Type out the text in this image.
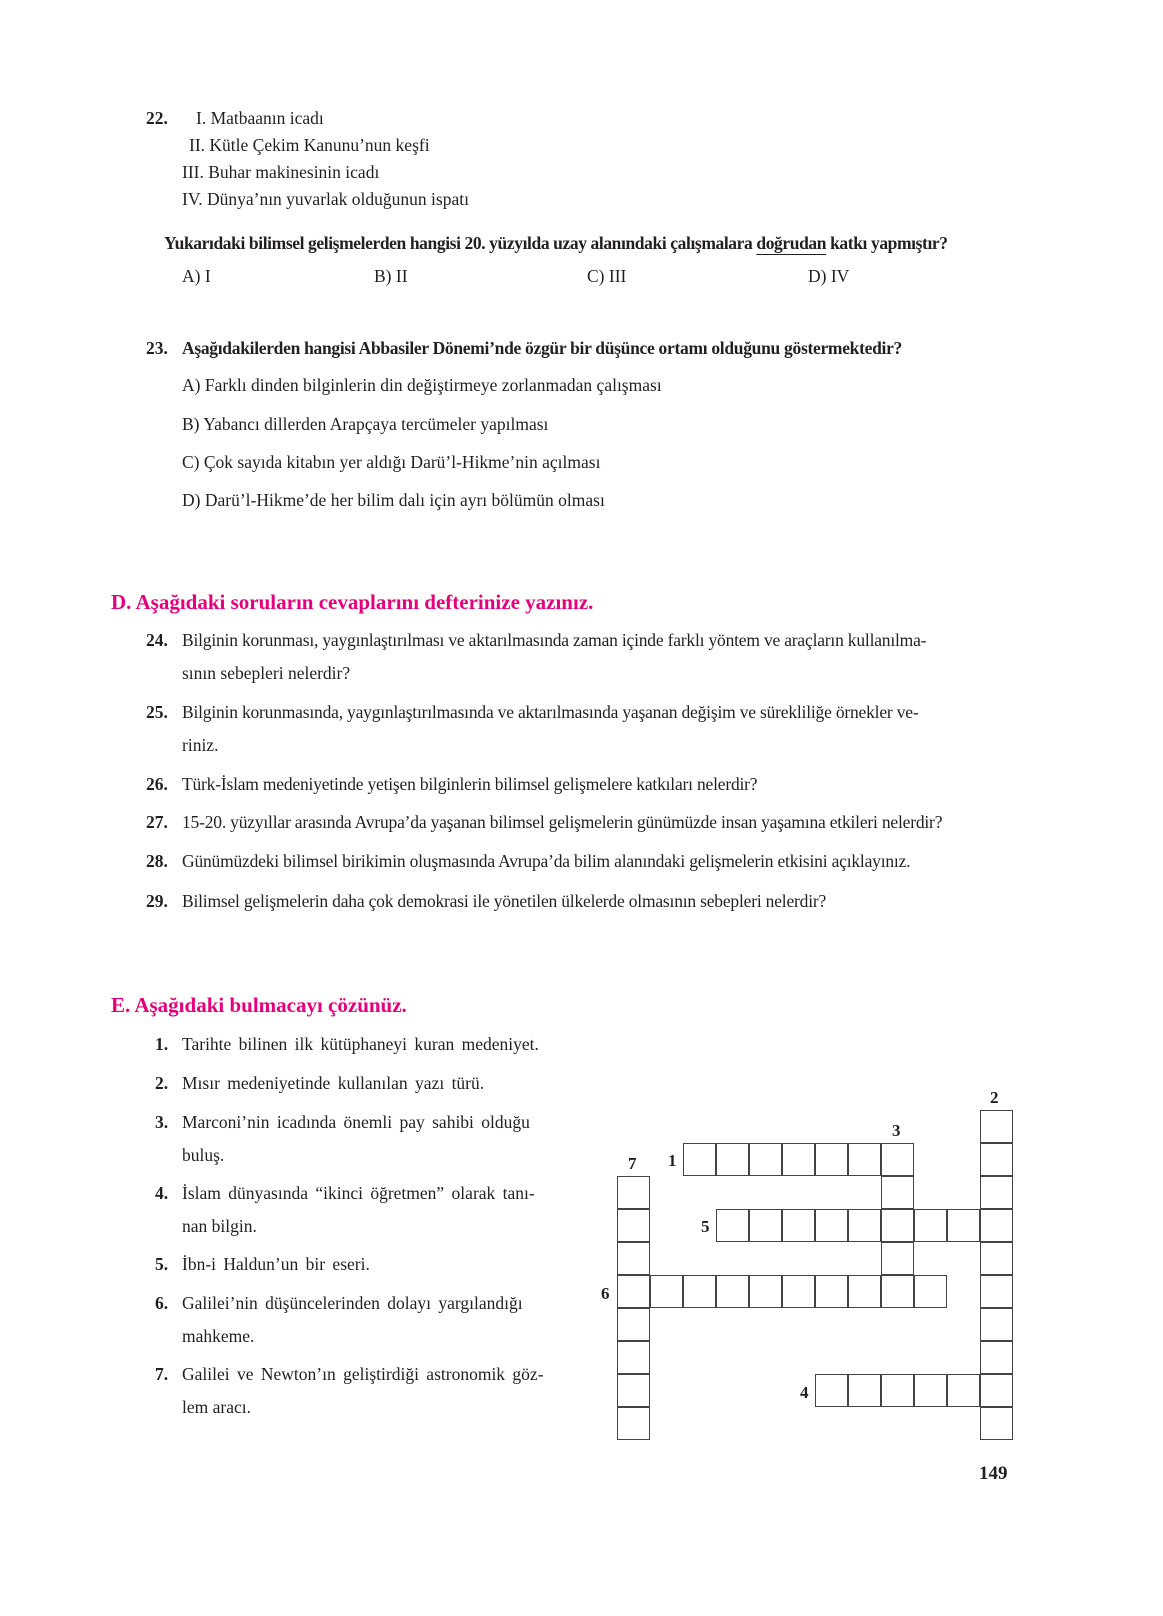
22. I. Matbaanın icadı
II. Kütle Çekim Kanunu’nun keşfi
III. Buhar makinesinin icadı
IV. Dünya’nın yuvarlak olduğunun ispatı
Yukarıdaki bilimsel gelişmelerden hangisi 20. yüzyılda uzay alanındaki çalışmalara doğrudan katkı yapmıştır?
A) I	B) II	C) III	D) IV
23. Aşağıdakilerden hangisi Abbasiler Dönemi’nde özgür bir düşünce ortamı olduğunu göstermektedir?
A) Farklı dinden bilginlerin din değiştirmeye zorlanmadan çalışması
B) Yabancı dillerden Arapçaya tercümeler yapılması
C) Çok sayıda kitabın yer aldığı Darü’l-Hikme’nin açılması
D) Darü’l-Hikme’de her bilim dalı için ayrı bölümün olması
D. Aşağıdaki soruların cevaplarını defterinize yazınız.
24. Bilginin korunması, yaygınlaştırılması ve aktarılmasında zaman içinde farklı yöntem ve araçların kullanılma-
sının sebepleri nelerdir?
25. Bilginin korunmasında, yaygınlaştırılmasında ve aktarılmasında yaşanan değişim ve sürekliliğe örnekler ve-
riniz.
26. Türk-İslam medeniyetinde yetişen bilginlerin bilimsel gelişmelere katkıları nelerdir?
27. 15-20. yüzyıllar arasında Avrupa’da yaşanan bilimsel gelişmelerin günümüzde insan yaşamına etkileri nelerdir?
28. Günümüzdeki bilimsel birikimin oluşmasında Avrupa’da bilim alanındaki gelişmelerin etkisini açıklayınız.
29. Bilimsel gelişmelerin daha çok demokrasi ile yönetilen ülkelerde olmasının sebepleri nelerdir?
E. Aşağıdaki bulmacayı çözünüz.
1. Tarihte bilinen ilk kütüphaneyi kuran medeniyet.
2. Mısır medeniyetinde kullanılan yazı türü.
3. Marconi’nin icadında önemli pay sahibi olduğu
buluş.
4. İslam dünyasında “ikinci öğretmen” olarak tanı-
nan bilgin.
5. İbn-i Haldun’un bir eseri.
6. Galilei’nin düşüncelerinden dolayı yargılandığı
mahkeme.
7. Galilei ve Newton’ın geliştirdiği astronomik göz-
lem aracı.
1
2
3
4
5
6
7
149
